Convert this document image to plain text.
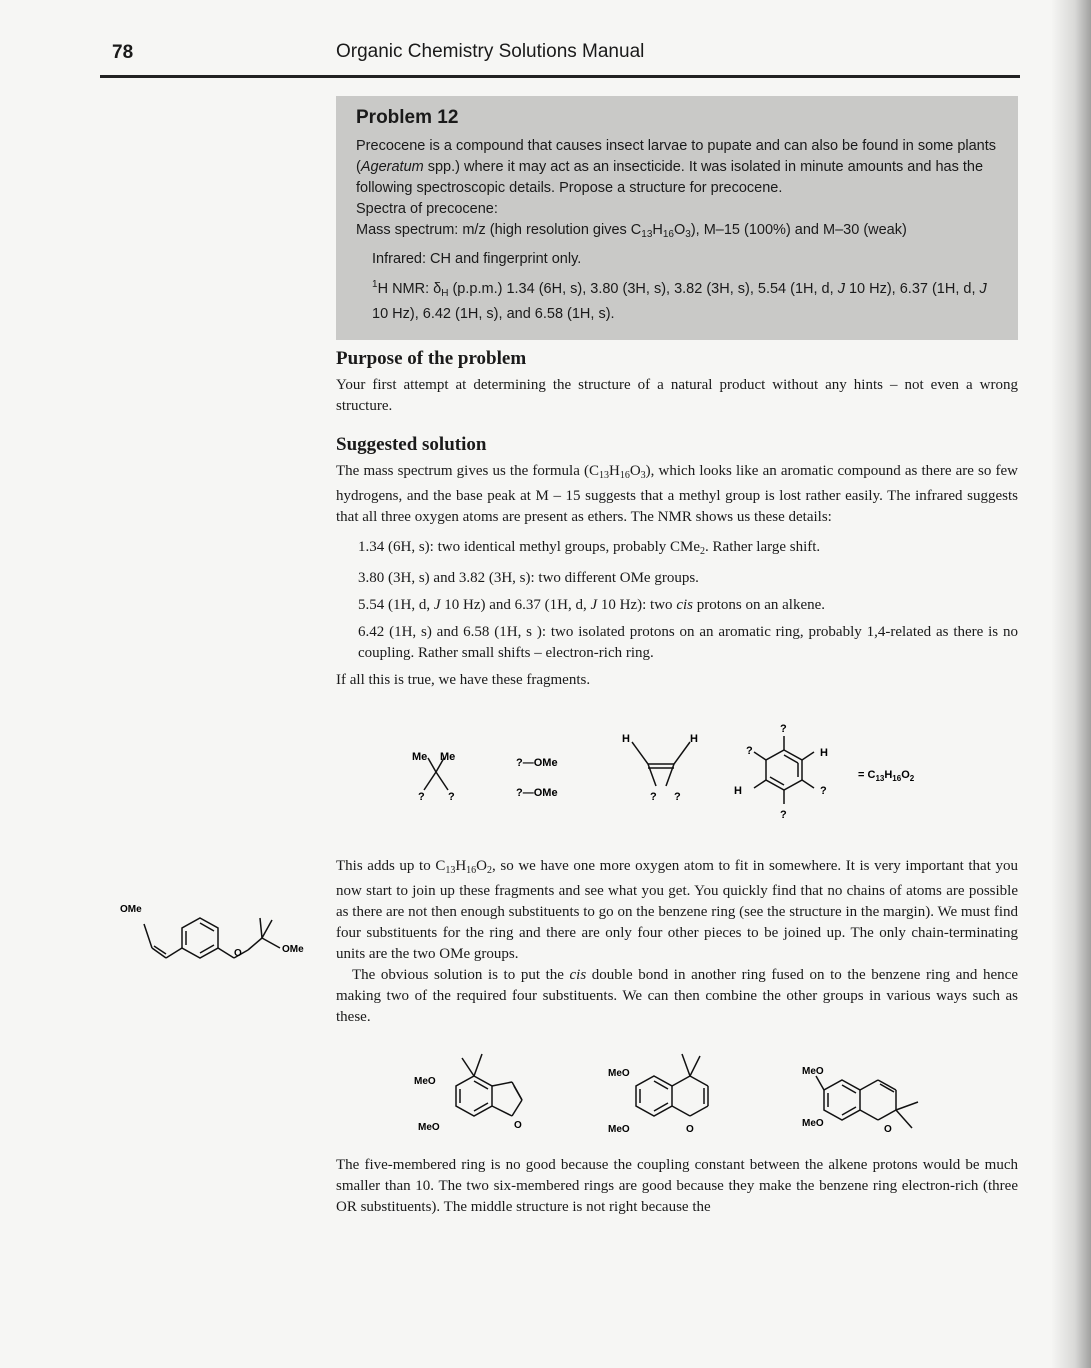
78	Organic Chemistry Solutions Manual
Problem 12

Precocene is a compound that causes insect larvae to pupate and can also be found in some plants (Ageratum spp.) where it may act as an insecticide. It was isolated in minute amounts and has the following spectroscopic details. Propose a structure for precocene.

Spectra of precocene:

Mass spectrum: m/z (high resolution gives $C_{13}H_{16}O_3$), M–15 (100%) and M–30 (weak)

Infrared: CH and fingerprint only.

$^1$H NMR: $\delta_H$ (p.p.m.) 1.34 (6H, s), 3.80 (3H, s), 3.82 (3H, s), 5.54 (1H, d, J 10 Hz), 6.37 (1H, d, J 10 Hz), 6.42 (1H, s), and 6.58 (1H, s).

Purpose of the problem

Your first attempt at determining the structure of a natural product without any hints – not even a wrong structure.

Suggested solution

The mass spectrum gives us the formula $(C_{13}H_{16}O_3)$, which looks like an aromatic compound as there are so few hydrogens, and the base peak at M – 15 suggests that a methyl group is lost rather easily. The infrared suggests that all three oxygen atoms are present as ethers. The NMR shows us these details:

1.34 (6H, s): two identical methyl groups, probably CMe$_2$. Rather large shift.

3.80 (3H, s) and 3.82 (3H, s): two different OMe groups.

5.54 (1H, d, J 10 Hz) and 6.37 (1H, d, J 10 Hz): two cis protons on an alkene.

6.42 (1H, s) and 6.58 (1H, s ): two isolated protons on an aromatic ring, probably 1,4-related as there is no coupling. Rather small shifts – electron-rich ring.

If all this is true, we have these fragments.

Me Me
? ?
?—OMe
?—OMe
H	H
? ?
?
?	H
H	?
?
= $C_{13}H_{16}O_2$

This adds up to $C_{13}H_{16}O_2$, so we have one more oxygen atom to fit in somewhere. It is very important that you now start to join up these fragments and see what you get. You quickly find that no chains of atoms are possible as there are not then enough substituents to go on the benzene ring (see the structure in the margin). We must find four substituents for the ring and there are only four other pieces to be joined up. The only chain-terminating units are the two OMe groups.

The obvious solution is to put the cis double bond in another ring fused on to the benzene ring and hence making two of the required four substituents. We can then combine the other groups in various ways such as these.

OMe
O	OMe
MeO
MeO	O
MeO
MeO	O
MeO
MeO
O

The five-membered ring is no good because the coupling constant between the alkene protons would be much smaller than 10. The two six-membered rings are good because they make the benzene ring electron-rich (three OR substituents). The middle structure is not right because the
